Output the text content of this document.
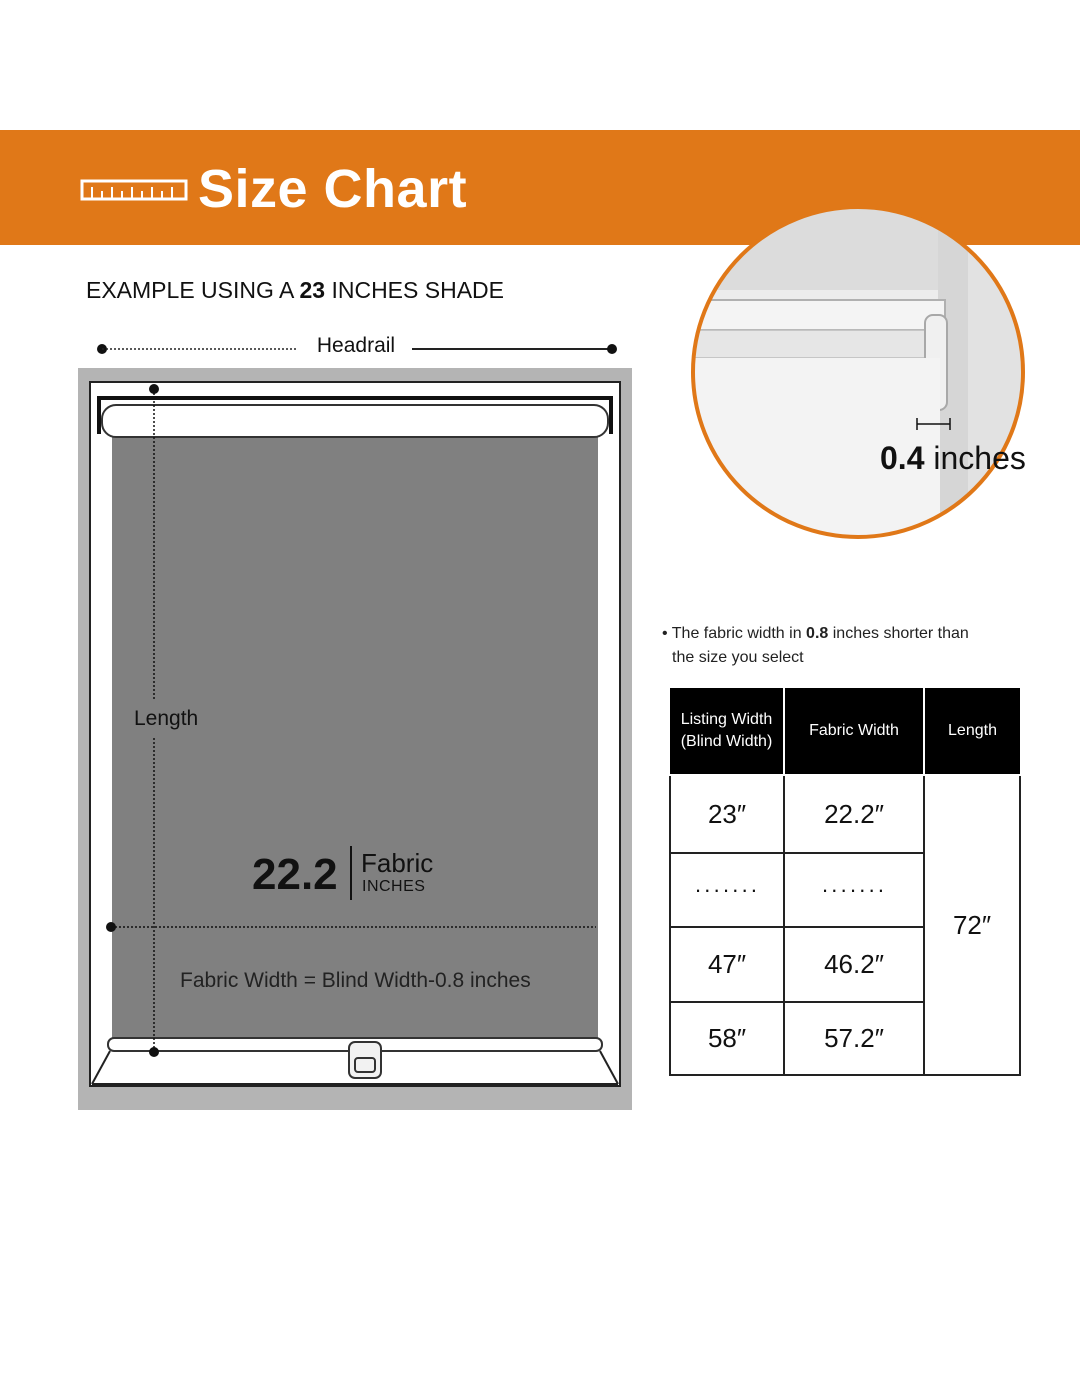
Size Chart
EXAMPLE USING A 23 INCHES SHADE
Headrail
Length
22.2 Fabric
INCHES
Fabric Width = Blind Width-0.8 inches
0.4 inches
• The fabric width in 0.8 inches shorter than
the size you select
Listing Width (Blind Width)	Fabric Width	Length
23″	22.2″	72″
·······	·······	
47″	46.2″	
58″	57.2″	
